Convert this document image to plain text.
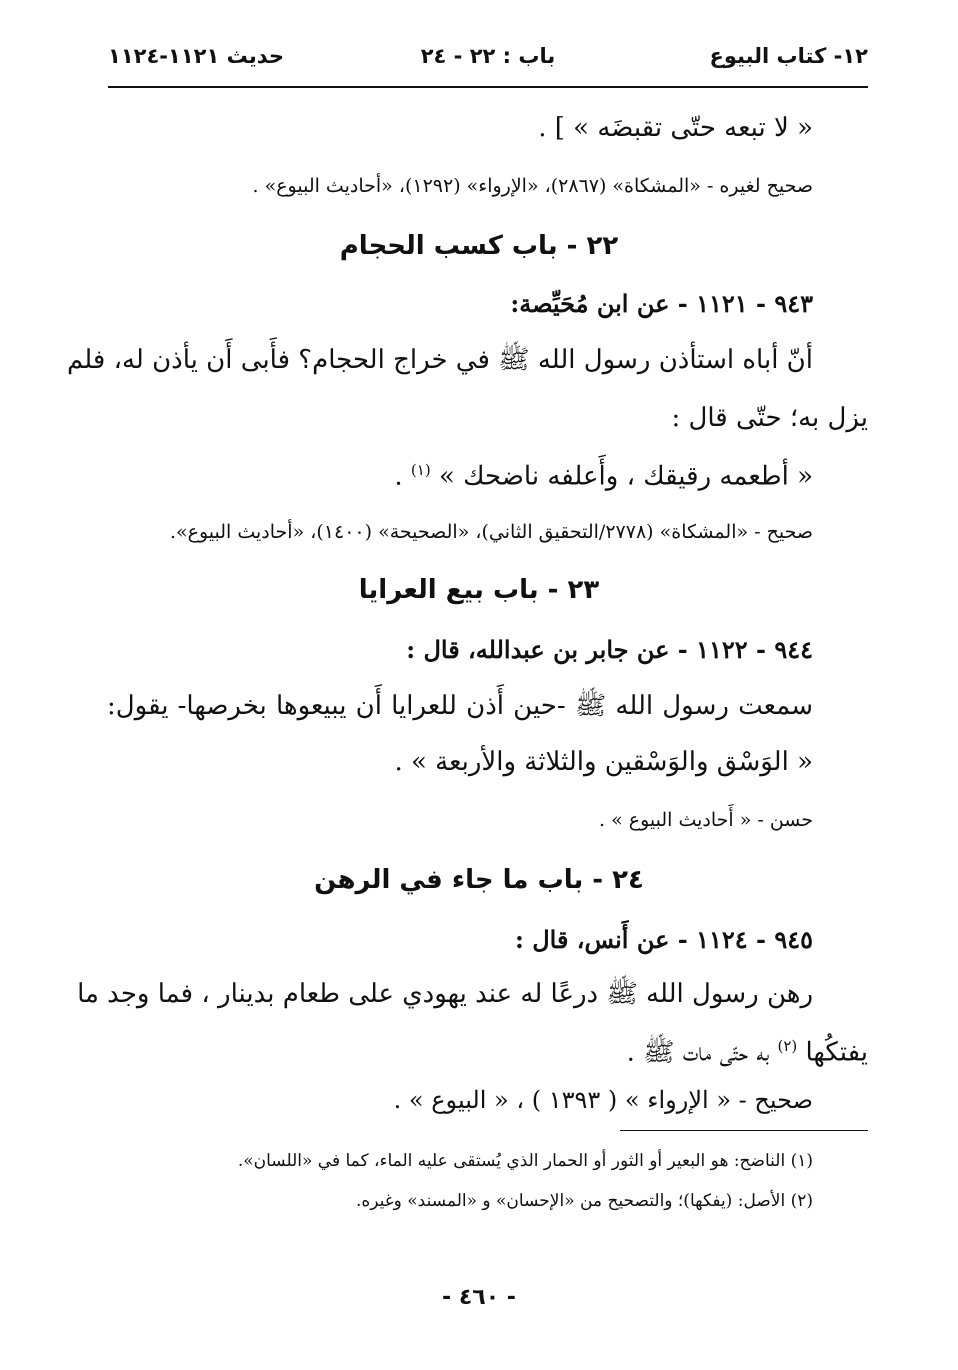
١٢- كتاب البيوع
باب : ٢٢ - ٢٤
حديث ١١٢١-١١٢٤
« لا تبعه حتّى تقبضَه » ] .
صحيح لغيره - «المشكاة» (٢٨٦٧)، «الإرواء» (١٢٩٢)، «أحاديث البيوع» .
٢٢ - باب كسب الحجام
٩٤٣ - ١١٢١ - عن ابن مُحَيِّصة:
أنّ أباه استأذن رسول الله ﷺ في خراج الحجام؟ فأَبى أَن يأذن له، فلم
يزل به؛ حتّى قال :
« أطعمه رقيقك ، وأَعلفه ناضحك » $^{(١)}$ .
صحيح - «المشكاة» (٢٧٧٨/التحقيق الثاني)، «الصحيحة» (١٤٠٠)، «أحاديث البيوع».
٢٣ - باب بيع العرايا
٩٤٤ - ١١٢٢ - عن جابر بن عبدالله، قال :
سمعت رسول الله ﷺ -حين أَذن للعرايا أَن يبيعوها بخرصها- يقول:
« الوَسْق والوَسْقين والثلاثة والأربعة » .
حسن - « أَحاديث البيوع » .
٢٤ - باب ما جاء في الرهن
٩٤٥ - ١١٢٤ - عن أَنس، قال :
رهن رسول الله ﷺ درعًا له عند يهودي على طعام بدينار ، فما وجد ما
يفتكُها $^{(٢)}$ به حتّى مات ﷺ .
صحيح - « الإرواء » ( ١٣٩٣ ) ، « البيوع » .
(١) الناضح: هو البعير أو الثور أو الحمار الذي يُستقى عليه الماء، كما في «اللسان».
(٢) الأصل: (يفكها)؛ والتصحيح من «الإحسان» و «المسند» وغيره.
- ٤٦٠ -
